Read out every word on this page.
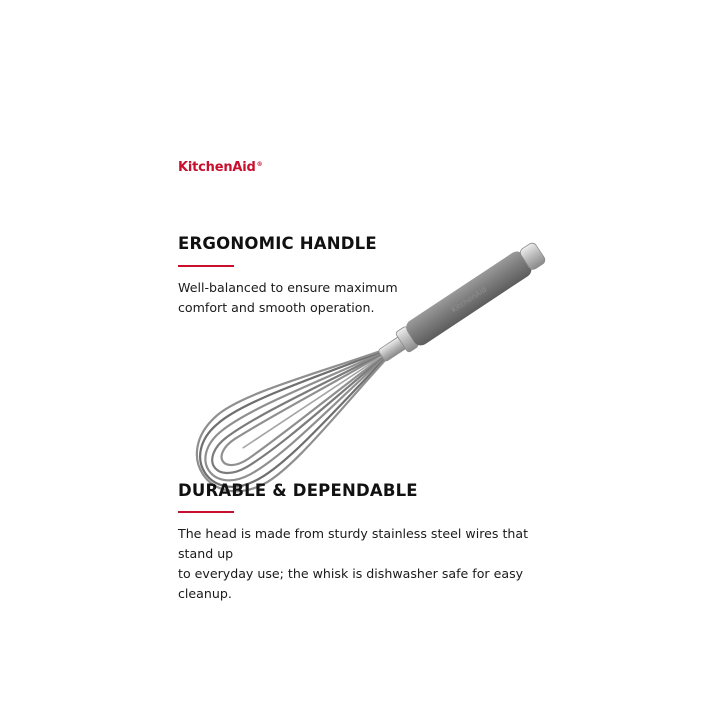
KitchenAid®
KitchenAid
ERGONOMIC HANDLE
Well-balanced to ensure maximum
comfort and smooth operation.
DURABLE & DEPENDABLE
The head is made from sturdy stainless steel wires that stand up
to everyday use; the whisk is dishwasher safe for easy cleanup.
